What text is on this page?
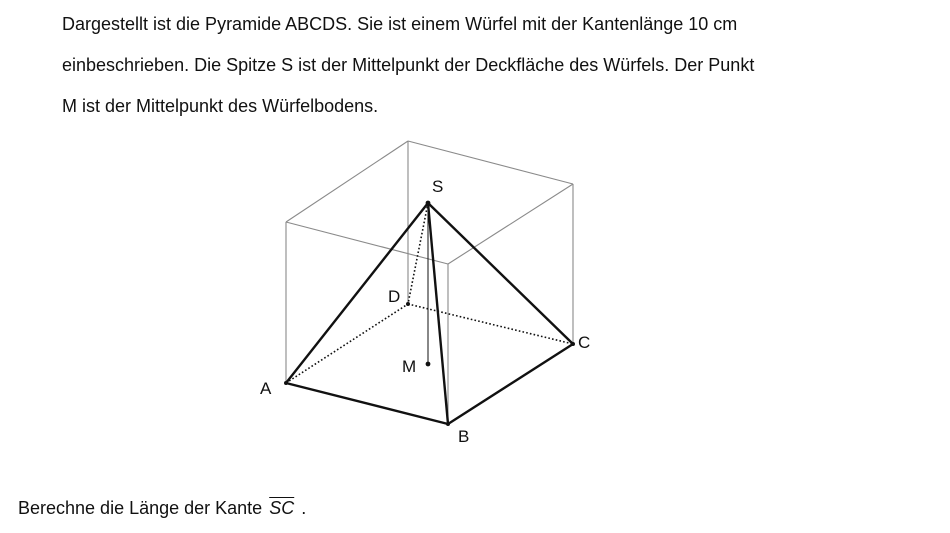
Dargestellt ist die Pyramide ABCDS. Sie ist einem Würfel mit der Kantenlänge 10 cm
einbeschrieben. Die Spitze S ist der Mittelpunkt der Deckfläche des Würfels. Der Punkt
M ist der Mittelpunkt des Würfelbodens.
S
D
M
A
B
C
Berechne die Länge der Kante $\overline{SC}$ .
